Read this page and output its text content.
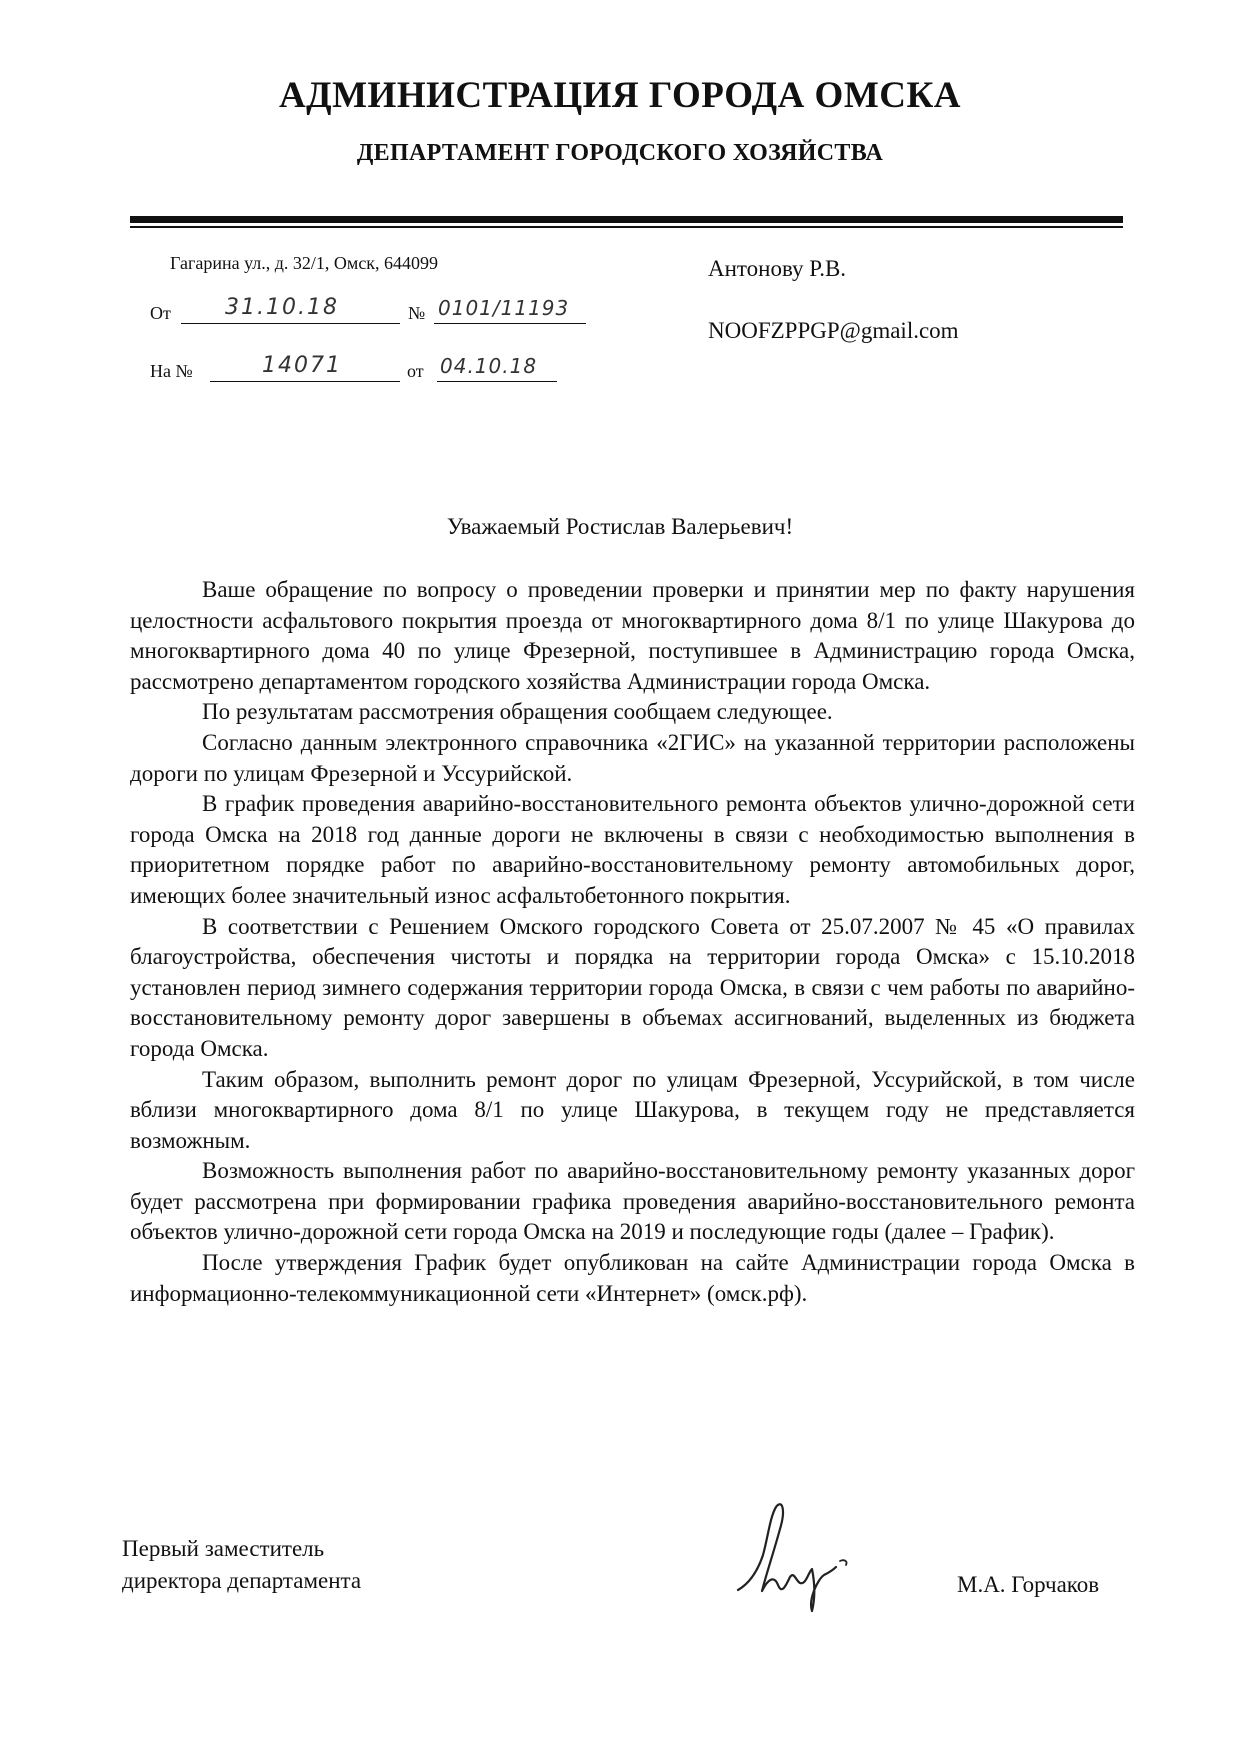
АДМИНИСТРАЦИЯ ГОРОДА ОМСКА
ДЕПАРТАМЕНТ ГОРОДСКОГО ХОЗЯЙСТВА
Гагарина ул., д. 32/1, Омск, 644099
От 31.10.18	№ 0101/11193
На №	14071	от 04.10.18
Антонову Р.В.
NOOFZPPGP@gmail.com
Уважаемый Ростислав Валерьевич!

Ваше обращение по вопросу о проведении проверки и принятии мер по факту нарушения целостности асфальтового покрытия проезда от многоквартирного дома 8/1 по улице Шакурова до многоквартирного дома 40 по улице Фрезерной, поступившее в Администрацию города Омска, рассмотрено департаментом городского хозяйства Администрации города Омска.

По результатам рассмотрения обращения сообщаем следующее.

Согласно данным электронного справочника «2ГИС» на указанной территории расположены дороги по улицам Фрезерной и Уссурийской.

В график проведения аварийно-восстановительного ремонта объектов улично-дорожной сети города Омска на 2018 год данные дороги не включены в связи с необходимостью выполнения в приоритетном порядке работ по аварийно-восстановительному ремонту автомобильных дорог, имеющих более значительный износ асфальтобетонного покрытия.

В соответствии с Решением Омского городского Совета от 25.07.2007 № 45 «О правилах благоустройства, обеспечения чистоты и порядка на территории города Омска» с 15.10.2018 установлен период зимнего содержания территории города Омска, в связи с чем работы по аварийно-восстановительному ремонту дорог завершены в объемах ассигнований, выделенных из бюджета города Омска.

Таким образом, выполнить ремонт дорог по улицам Фрезерной, Уссурийской, в том числе вблизи многоквартирного дома 8/1 по улице Шакурова, в текущем году не представляется возможным.

Возможность выполнения работ по аварийно-восстановительному ремонту указанных дорог будет рассмотрена при формировании графика проведения аварийно-восстановительного ремонта объектов улично-дорожной сети города Омска на 2019 и последующие годы (далее – График).

После утверждения График будет опубликован на сайте Администрации города Омска в информационно-телекоммуникационной сети «Интернет» (омск.рф).

Первый заместитель
директора департамента	М.А. Горчаков
